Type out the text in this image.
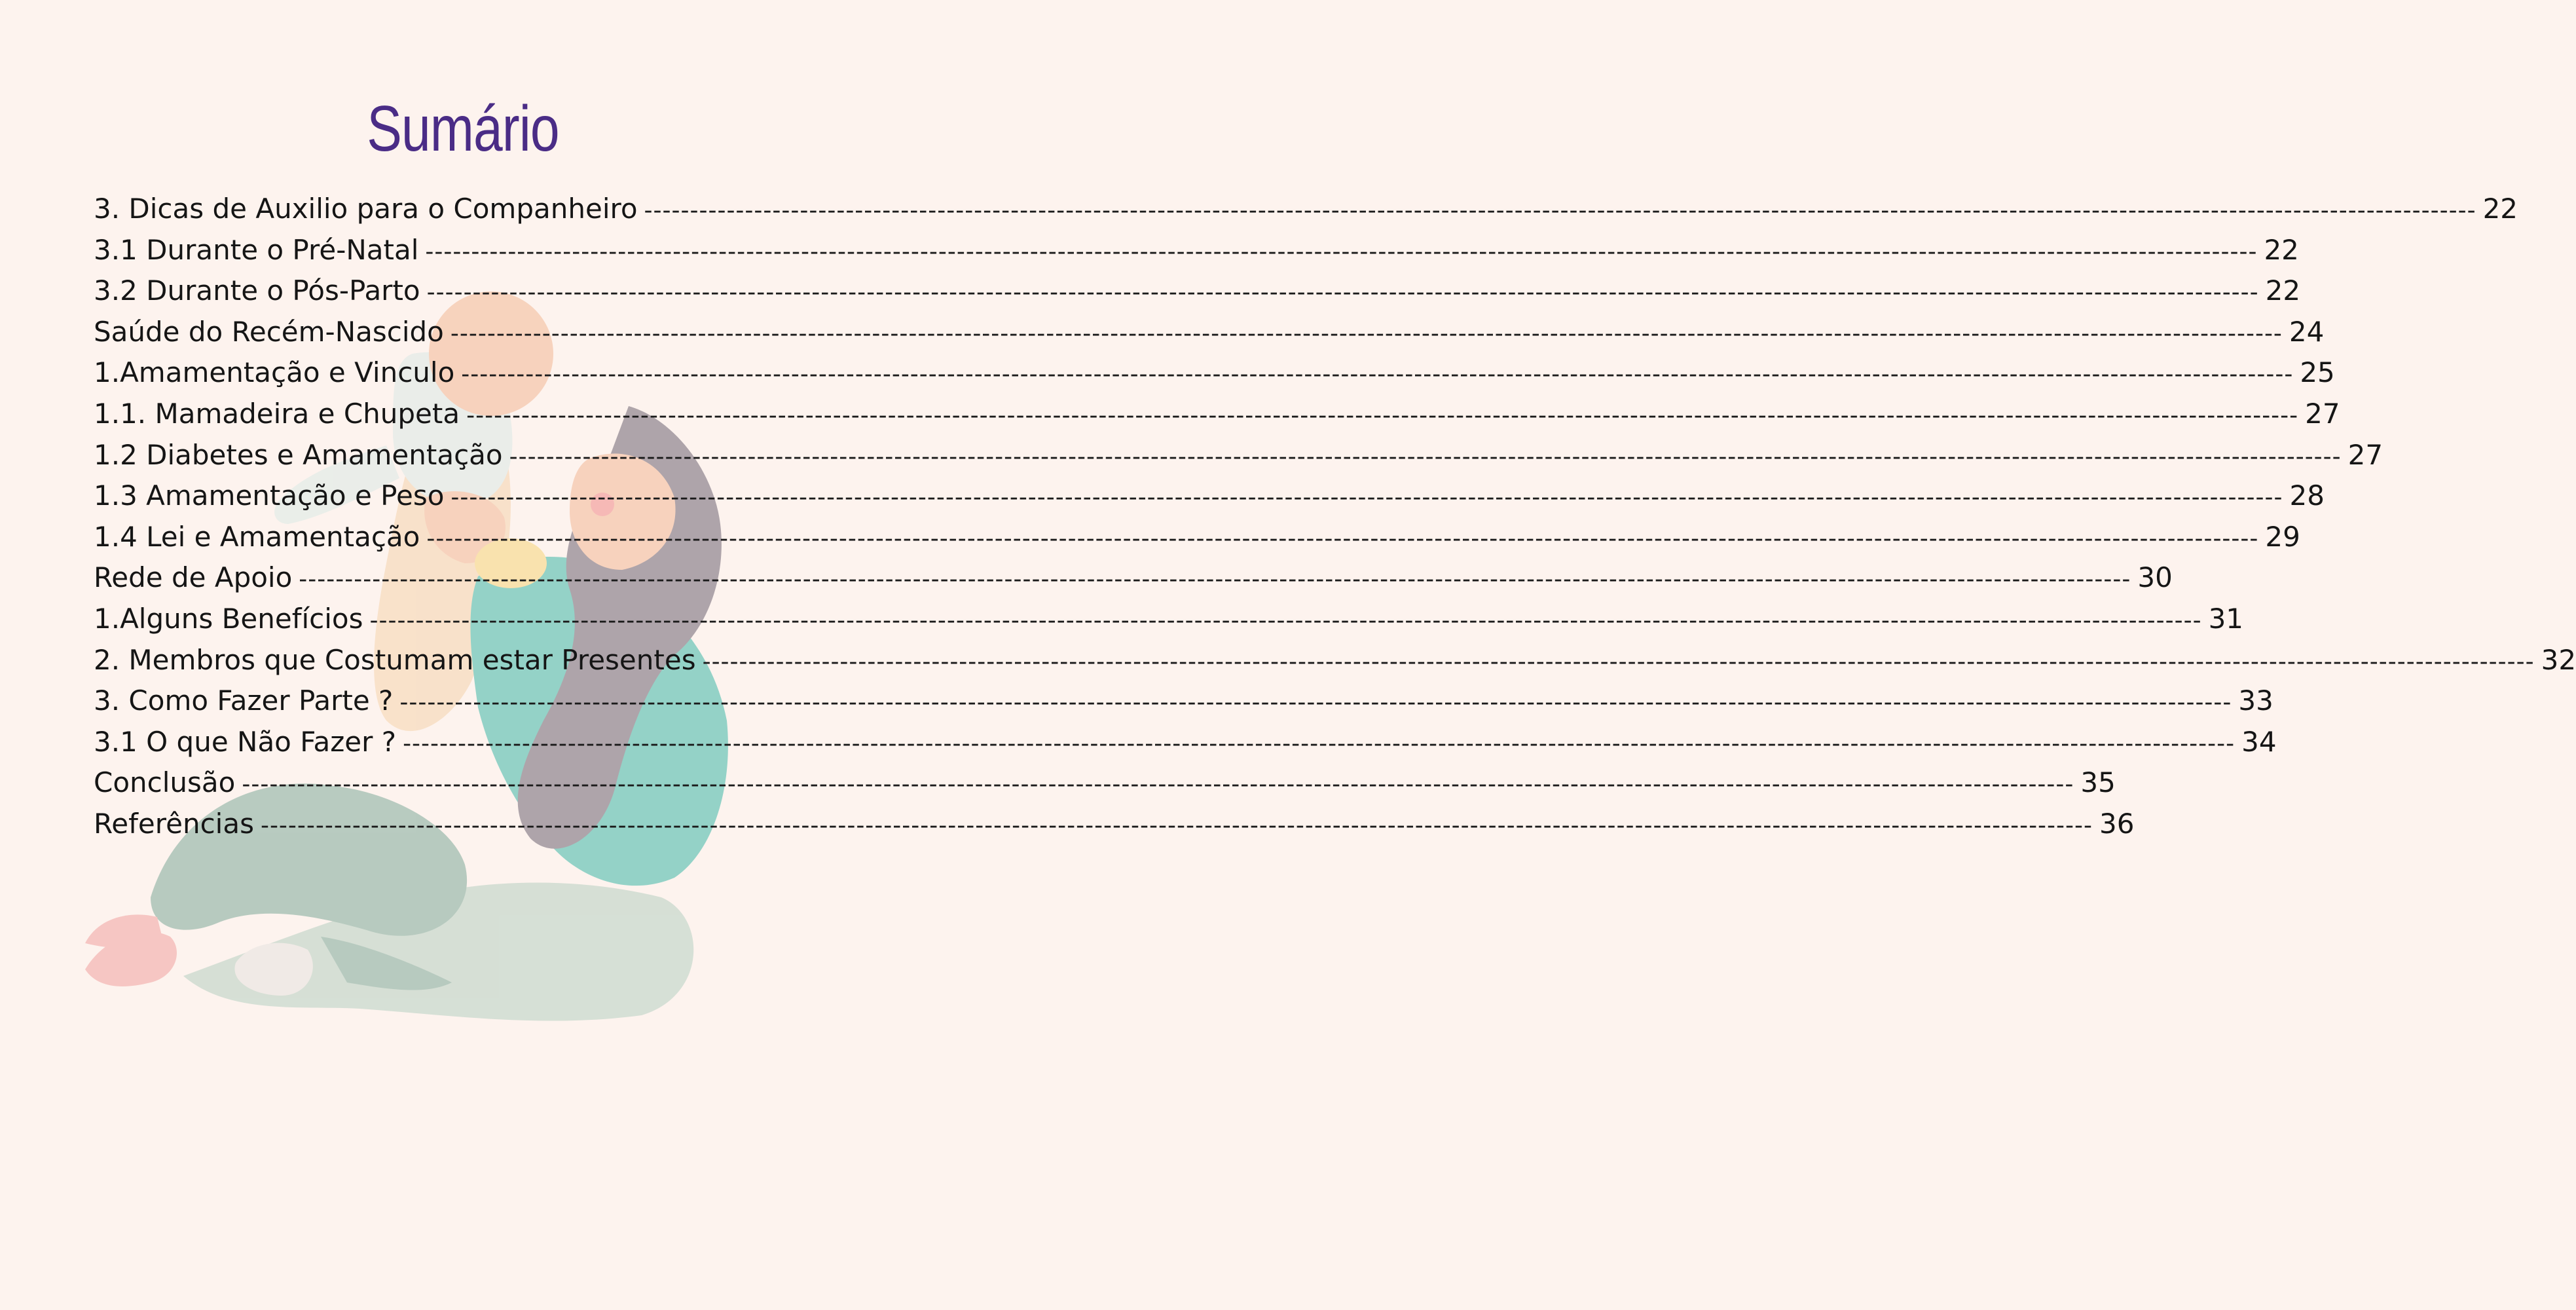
Sumário
3. Dicas de Auxilio para o Companheiro -------------------------------------------------------------------------------------------------------------------------------------------------------------------------------------------------------- 22
3.1 Durante o Pré-Natal -------------------------------------------------------------------------------------------------------------------------------------------------------------------------------------------------------- 22
3.2 Durante o Pós-Parto -------------------------------------------------------------------------------------------------------------------------------------------------------------------------------------------------------- 22
Saúde do Recém-Nascido -------------------------------------------------------------------------------------------------------------------------------------------------------------------------------------------------------- 24
1.Amamentação e Vinculo -------------------------------------------------------------------------------------------------------------------------------------------------------------------------------------------------------- 25
1.1. Mamadeira e Chupeta -------------------------------------------------------------------------------------------------------------------------------------------------------------------------------------------------------- 27
1.2 Diabetes e Amamentação -------------------------------------------------------------------------------------------------------------------------------------------------------------------------------------------------------- 27
1.3 Amamentação e Peso -------------------------------------------------------------------------------------------------------------------------------------------------------------------------------------------------------- 28
1.4 Lei e Amamentação -------------------------------------------------------------------------------------------------------------------------------------------------------------------------------------------------------- 29
Rede de Apoio -------------------------------------------------------------------------------------------------------------------------------------------------------------------------------------------------------- 30
1.Alguns Benefícios -------------------------------------------------------------------------------------------------------------------------------------------------------------------------------------------------------- 31
2. Membros que Costumam estar Presentes -------------------------------------------------------------------------------------------------------------------------------------------------------------------------------------------------------- 32
3. Como Fazer Parte ? -------------------------------------------------------------------------------------------------------------------------------------------------------------------------------------------------------- 33
3.1 O que Não Fazer ? -------------------------------------------------------------------------------------------------------------------------------------------------------------------------------------------------------- 34
Conclusão -------------------------------------------------------------------------------------------------------------------------------------------------------------------------------------------------------- 35
Referências -------------------------------------------------------------------------------------------------------------------------------------------------------------------------------------------------------- 36
